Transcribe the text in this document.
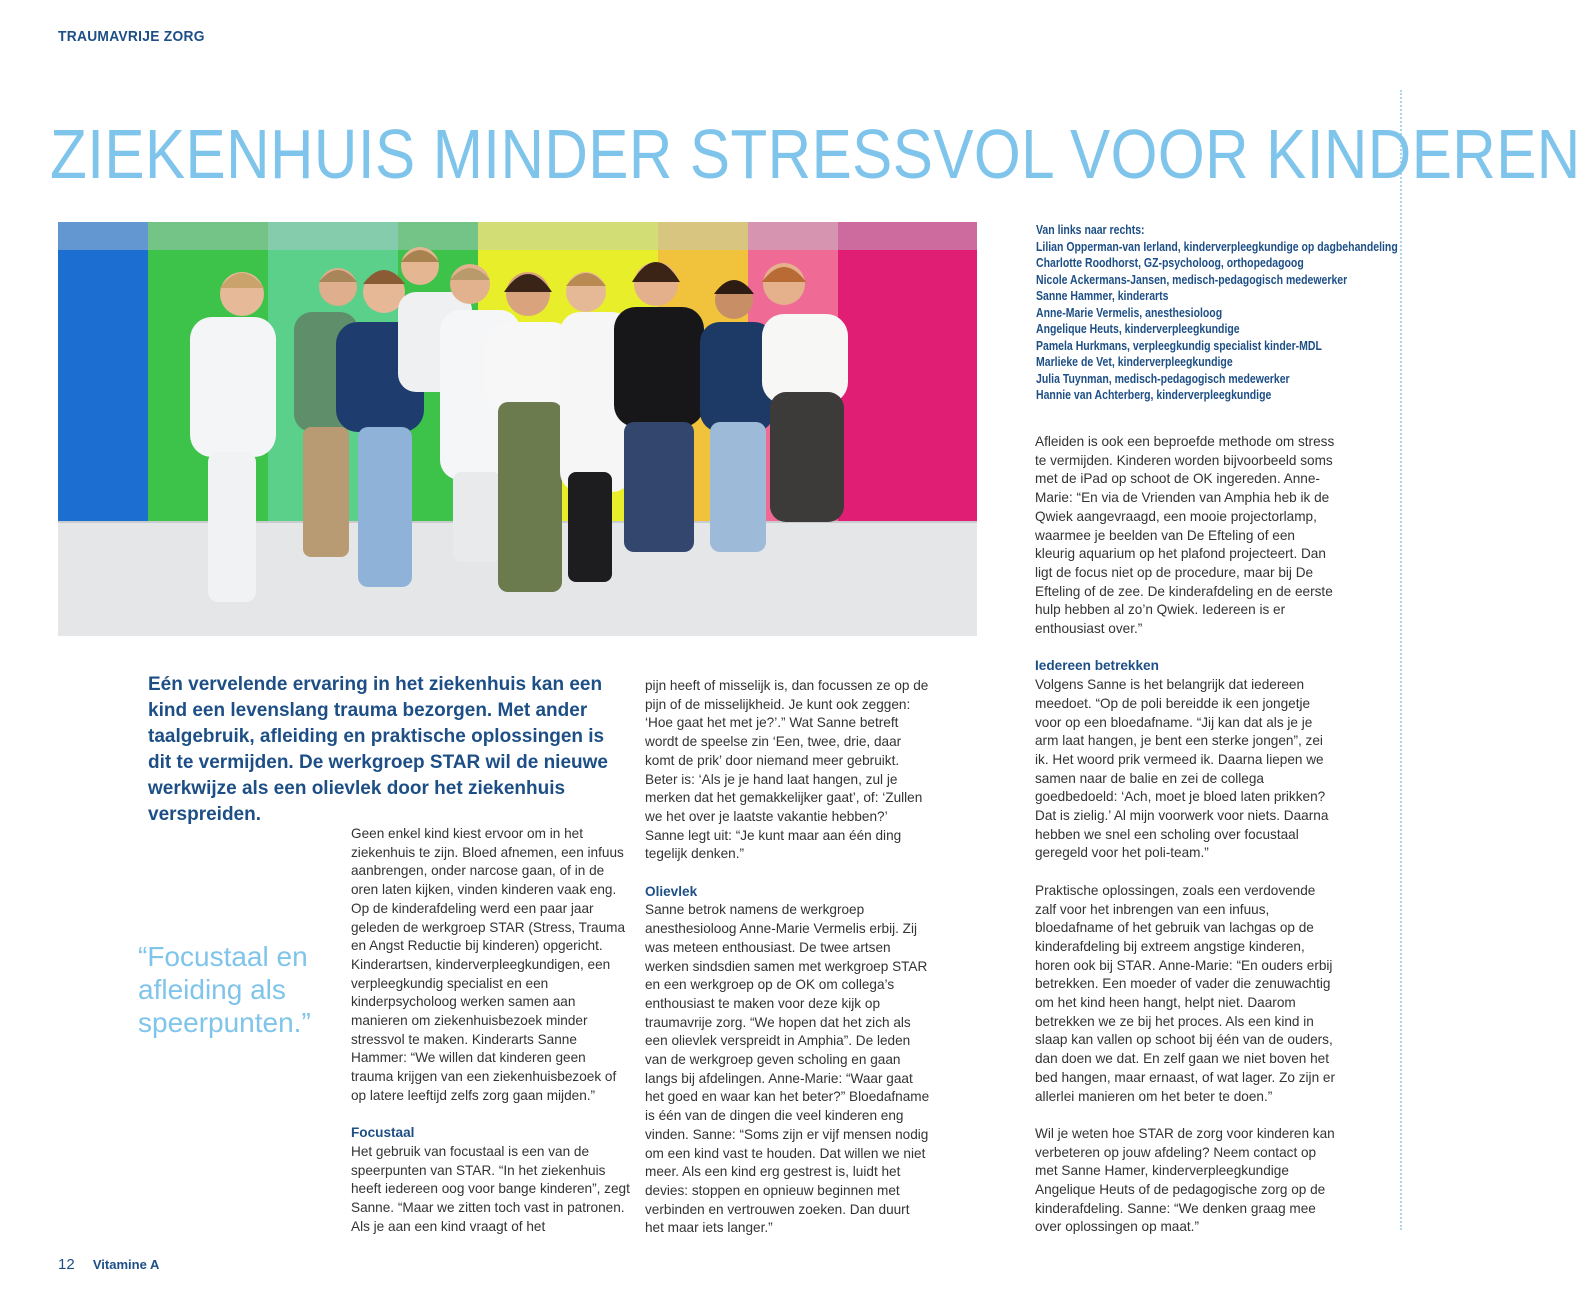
TRAUMAVRIJE ZORG
ZIEKENHUIS MINDER STRESSVOL VOOR KINDEREN
Van links naar rechts:
Lilian Opperman-van Ierland, kinderverpleegkundige op dagbehandeling
Charlotte Roodhorst, GZ-psycholoog, orthopedagoog
Nicole Ackermans-Jansen, medisch-pedagogisch medewerker
Sanne Hammer, kinderarts
Anne-Marie Vermelis, anesthesioloog
Angelique Heuts, kinderverpleegkundige
Pamela Hurkmans, verpleegkundig specialist kinder-MDL
Marlieke de Vet, kinderverpleegkundige
Julia Tuynman, medisch-pedagogisch medewerker
Hannie van Achterberg, kinderverpleegkundige
Eén vervelende ervaring in het ziekenhuis kan een kind een levenslang trauma bezorgen. Met ander taalgebruik, afleiding en praktische oplossingen is dit te vermijden. De werkgroep STAR wil de nieuwe werkwijze als een olievlek door het ziekenhuis verspreiden.
“Focustaal en afleiding als speerpunten.”

Geen enkel kind kiest ervoor om in het ziekenhuis te zijn. Bloed afnemen, een infuus aanbrengen, onder narcose gaan, of in de oren laten kijken, vinden kinderen vaak eng. Op de kinderafdeling werd een paar jaar geleden de werkgroep STAR (Stress, Trauma en Angst Reductie bij kinderen) opgericht. Kinderartsen, kinderverpleegkundigen, een verpleegkundig specialist en een kinderpsycholoog werken samen aan manieren om ziekenhuisbezoek minder stressvol te maken. Kinderarts Sanne Hammer: “We willen dat kinderen geen trauma krijgen van een ziekenhuisbezoek of op latere leeftijd zelfs zorg gaan mijden.”

Focustaal

Het gebruik van focustaal is een van de speerpunten van STAR. “In het ziekenhuis heeft iedereen oog voor bange kinderen”, zegt Sanne. “Maar we zitten toch vast in patronen. Als je aan een kind vraagt of het

pijn heeft of misselijk is, dan focussen ze op de pijn of de misselijkheid. Je kunt ook zeggen: ‘Hoe gaat het met je?’.” Wat Sanne betreft wordt de speelse zin ‘Een, twee, drie, daar komt de prik’ door niemand meer gebruikt. Beter is: ‘Als je je hand laat hangen, zul je merken dat het gemakkelijker gaat’, of: ‘Zullen we het over je laatste vakantie hebben?’ Sanne legt uit: “Je kunt maar aan één ding tegelijk denken.”

Olievlek

Sanne betrok namens de werkgroep anesthesioloog Anne-Marie Vermelis erbij. Zij was meteen enthousiast. De twee artsen werken sindsdien samen met werkgroep STAR en een werkgroep op de OK om collega’s enthousiast te maken voor deze kijk op traumavrije zorg. “We hopen dat het zich als een olievlek verspreidt in Amphia”. De leden van de werkgroep geven scholing en gaan langs bij afdelingen. Anne-Marie: “Waar gaat het goed en waar kan het beter?” Bloedafname is één van de dingen die veel kinderen eng vinden. Sanne: “Soms zijn er vijf mensen nodig om een kind vast te houden. Dat willen we niet meer. Als een kind erg gestrest is, luidt het devies: stoppen en opnieuw beginnen met verbinden en vertrouwen zoeken. Dan duurt het maar iets langer.”

Afleiden is ook een beproefde methode om stress te vermijden. Kinderen worden bijvoorbeeld soms met de iPad op schoot de OK ingereden. Anne-Marie: “En via de Vrienden van Amphia heb ik de Qwiek aangevraagd, een mooie projectorlamp, waarmee je beelden van De Efteling of een kleurig aquarium op het plafond projecteert. Dan ligt de focus niet op de procedure, maar bij De Efteling of de zee. De kinderafdeling en de eerste hulp hebben al zo’n Qwiek. Iedereen is er enthousiast over.”

Iedereen betrekken

Volgens Sanne is het belangrijk dat iedereen meedoet. “Op de poli bereidde ik een jongetje voor op een bloedafname. “Jij kan dat als je je arm laat hangen, je bent een sterke jongen”, zei ik. Het woord prik vermeed ik. Daarna liepen we samen naar de balie en zei de collega goedbedoeld: ‘Ach, moet je bloed laten prikken? Dat is zielig.’ Al mijn voorwerk voor niets. Daarna hebben we snel een scholing over focustaal geregeld voor het poli-team.”

Praktische oplossingen, zoals een verdovende zalf voor het inbrengen van een infuus, bloedafname of het gebruik van lachgas op de kinderafdeling bij extreem angstige kinderen, horen ook bij STAR. Anne-Marie: “En ouders erbij betrekken. Een moeder of vader die zenuwachtig om het kind heen hangt, helpt niet. Daarom betrekken we ze bij het proces. Als een kind in slaap kan vallen op schoot bij één van de ouders, dan doen we dat. En zelf gaan we niet boven het bed hangen, maar ernaast, of wat lager. Zo zijn er allerlei manieren om het beter te doen.”

Wil je weten hoe STAR de zorg voor kinderen kan verbeteren op jouw afdeling? Neem contact op met Sanne Hamer, kinderverpleegkundige Angelique Heuts of de pedagogische zorg op de kinderafdeling. Sanne: “We denken graag mee over oplossingen op maat.”

12 Vitamine A
